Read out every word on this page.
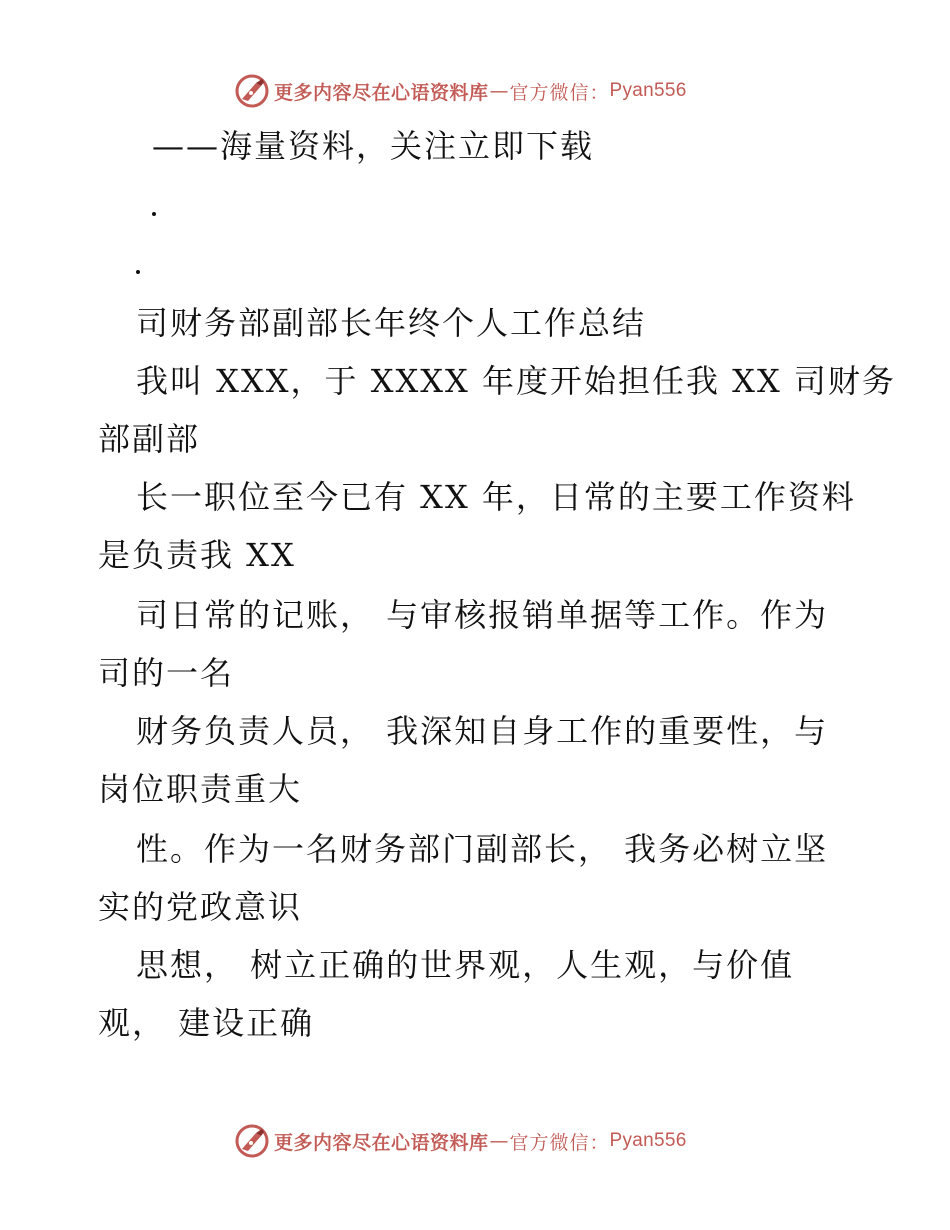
更多内容尽在心语资料库 — 官方微信： Pyan556
——海量资料，关注立即下载
司财务部副部长年终个人工作总结
我叫 XXX，于 XXXX 年度开始担任我 XX 司财务
部副部
长一职位至今已有 XX 年，日常的主要工作资料
是负责我 XX
司日常的记账， 与审核报销单据等工作。作为
司的一名
财务负责人员， 我深知自身工作的重要性，与
岗位职责重大
性。作为一名财务部门副部长， 我务必树立坚
实的党政意识
思想， 树立正确的世界观，人生观，与价值
观， 建设正确
更多内容尽在心语资料库 — 官方微信： Pyan556
